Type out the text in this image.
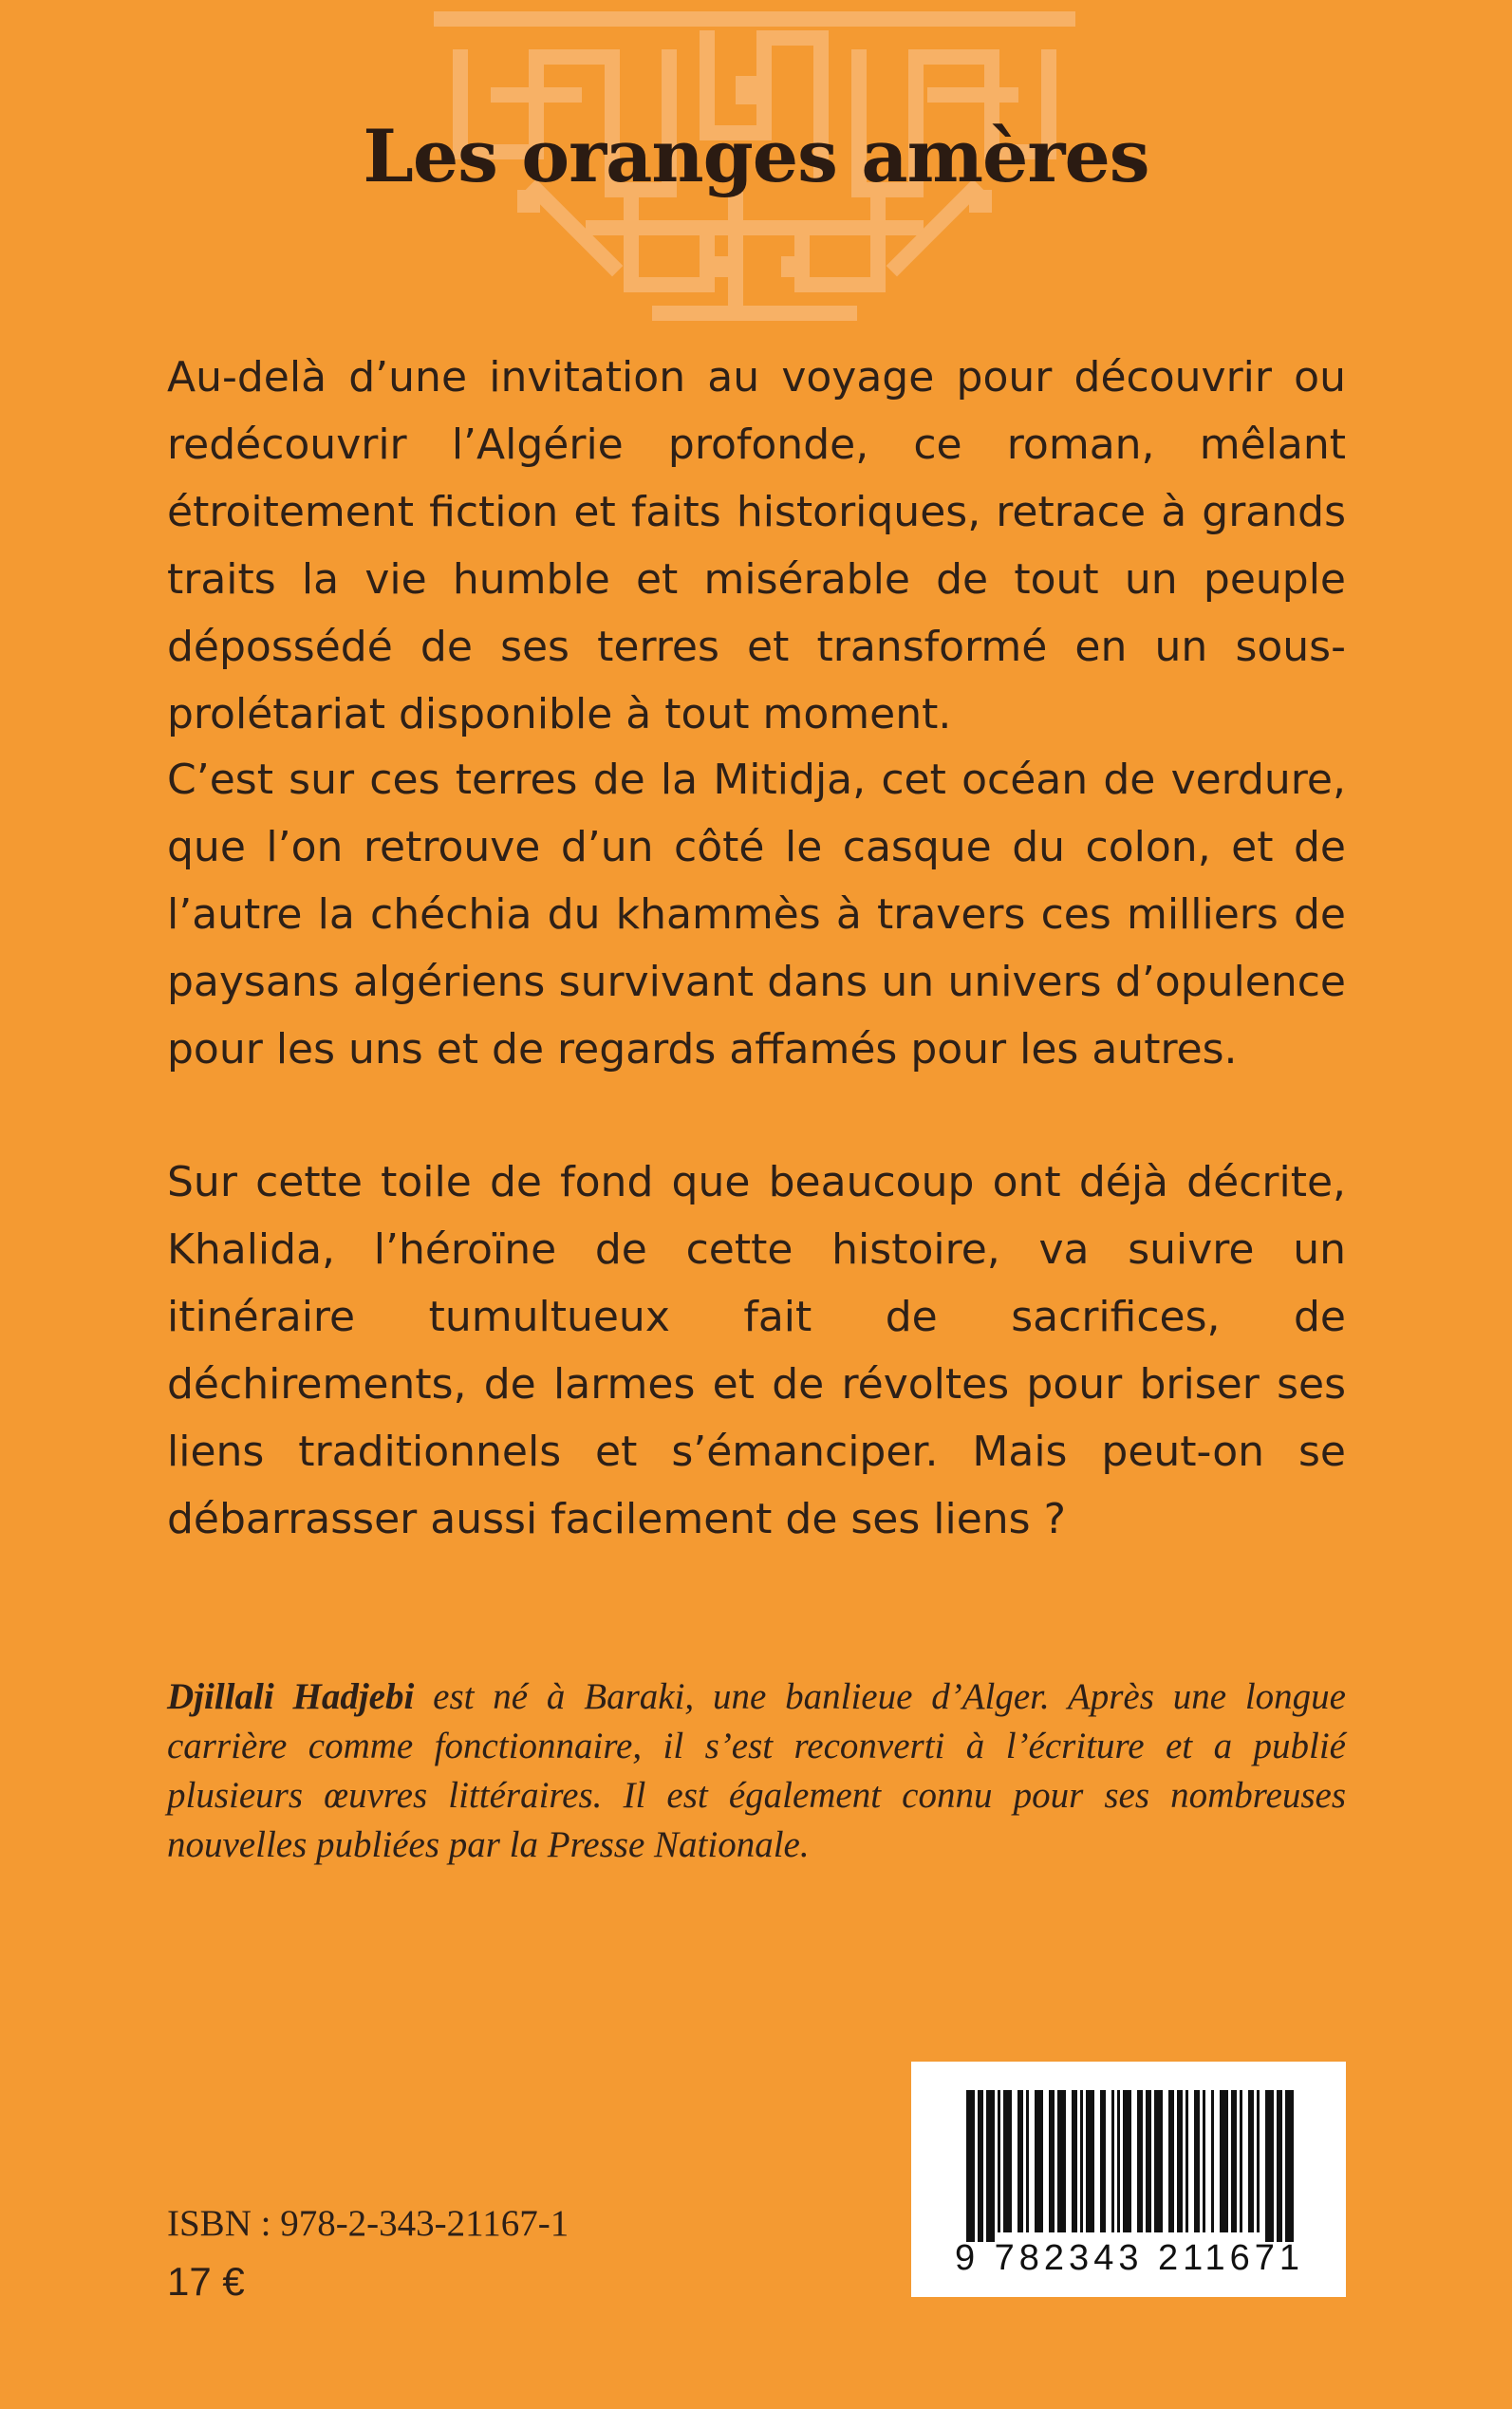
Les oranges amères

Au-delà d’une invitation au voyage pour découvrir ou redécouvrir l’Algérie profonde, ce roman, mêlant étroitement fiction et faits historiques, retrace à grands traits la vie humble et misérable de tout un peuple dépossédé de ses terres et transformé en un sous-prolétariat disponible à tout moment.

C’est sur ces terres de la Mitidja, cet océan de verdure, que l’on retrouve d’un côté le casque du colon, et de l’autre la chéchia du khammès à travers ces milliers de paysans algériens survivant dans un univers d’opulence pour les uns et de regards affamés pour les autres.

Sur cette toile de fond que beaucoup ont déjà décrite, Khalida, l’héroïne de cette histoire, va suivre un itinéraire tumultueux fait de sacrifices, de déchirements, de larmes et de révoltes pour briser ses liens traditionnels et s’émanciper. Mais peut-on se débarrasser aussi facilement de ses liens ?

Djillali Hadjebi est né à Baraki, une banlieue d’Alger. Après une longue carrière comme fonctionnaire, il s’est reconverti à l’écriture et a publié plusieurs œuvres littéraires. Il est également connu pour ses nombreuses nouvelles publiées par la Presse Nationale.

ISBN : 978-2-343-21167-1

17 €

9 782343 211671
